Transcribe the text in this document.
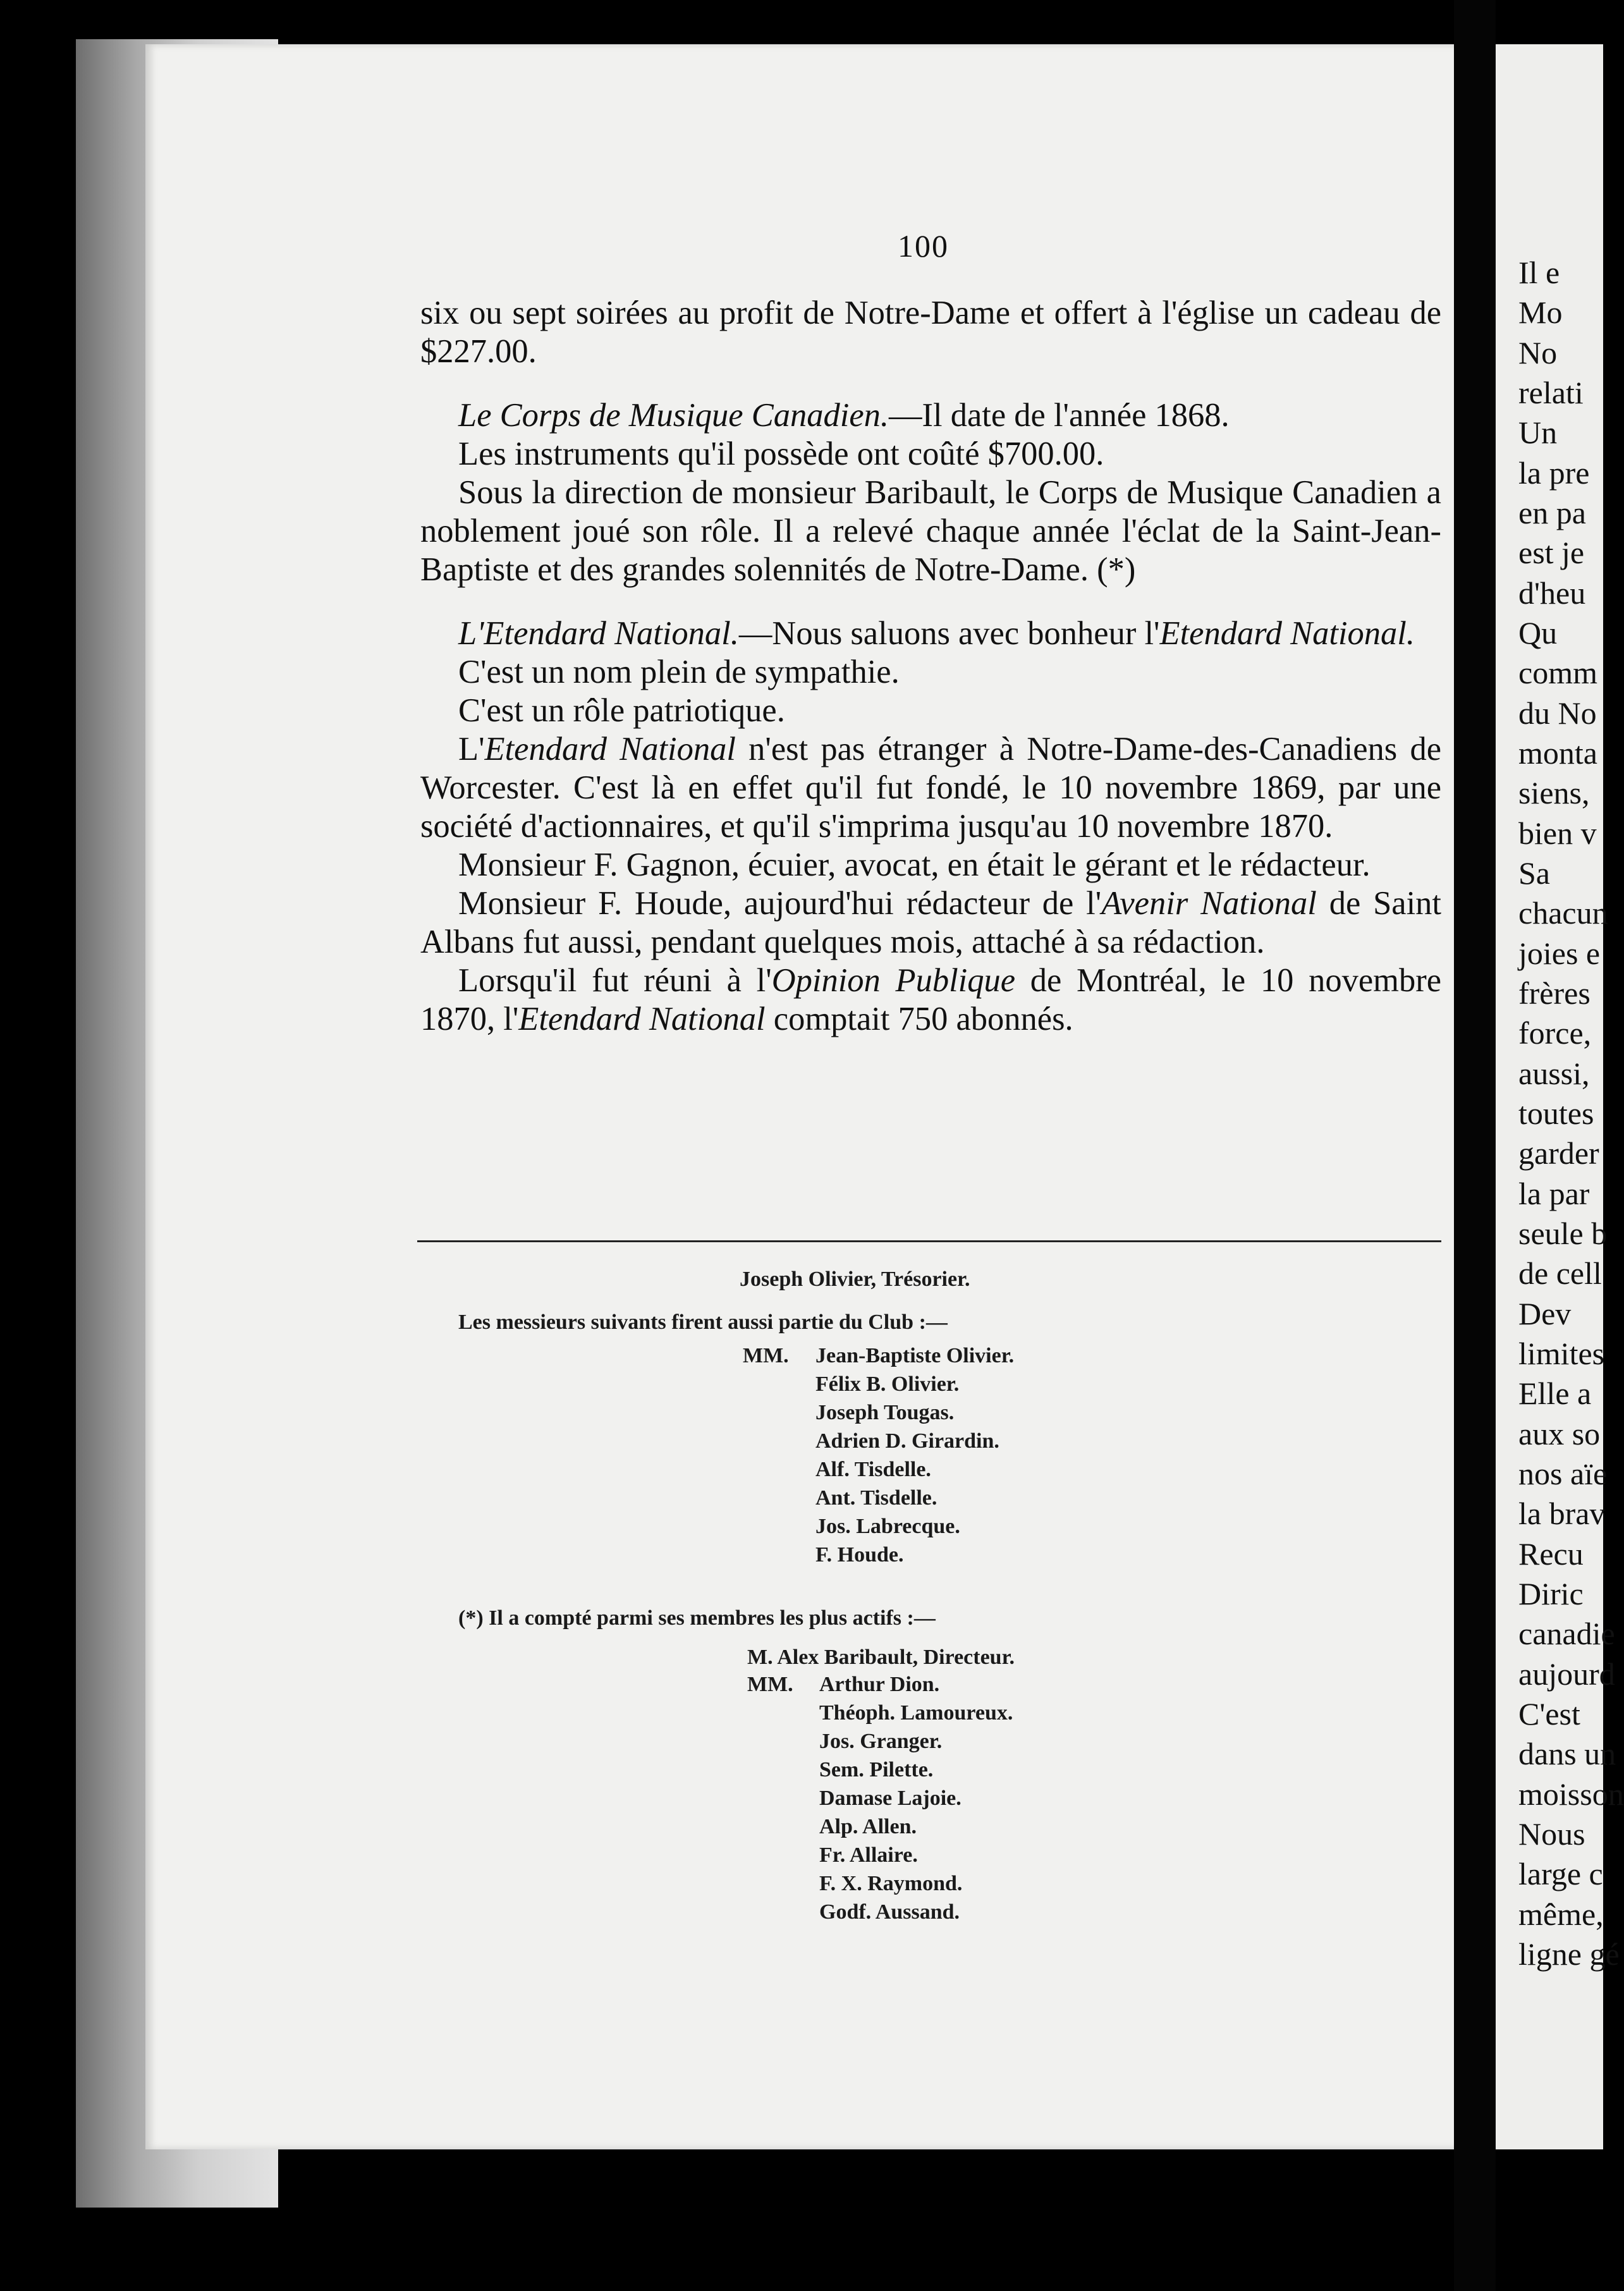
100

six ou sept soirées au profit de Notre-Dame et offert à l'église un cadeau de $227.00.

Le Corps de Musique Canadien.—Il date de l'année 1868.

Les instruments qu'il possède ont coûté $700.00.

Sous la direction de monsieur Baribault, le Corps de Musique Canadien a noblement joué son rôle. Il a relevé chaque année l'éclat de la Saint-Jean-Baptiste et des grandes solennités de Notre-Dame. (*)

L'Etendard National.—Nous saluons avec bonheur l'Etendard National.

C'est un nom plein de sympathie.

C'est un rôle patriotique.

L'Etendard National n'est pas étranger à Notre-Dame-des-Canadiens de Worcester. C'est là en effet qu'il fut fondé, le 10 novembre 1869, par une société d'actionnaires, et qu'il s'imprima jusqu'au 10 novembre 1870.

Monsieur F. Gagnon, écuier, avocat, en était le gérant et le rédacteur.

Monsieur F. Houde, aujourd'hui rédacteur de l'Avenir National de Saint Albans fut aussi, pendant quelques mois, attaché à sa rédaction.

Lorsqu'il fut réuni à l'Opinion Publique de Montréal, le 10 novembre 1870, l'Etendard National comptait 750 abonnés.

Joseph Olivier, Trésorier.
Les messieurs suivants firent aussi partie du Club :—
MM. Jean-Baptiste Olivier.
Félix B. Olivier.
Joseph Tougas.
Adrien D. Girardin.
Alf. Tisdelle.
Ant. Tisdelle.
Jos. Labrecque.
F. Houde.
(*) Il a compté parmi ses membres les plus actifs :—
M. Alex Baribault, Directeur.
MM. Arthur Dion.
Théoph. Lamoureux.
Jos. Granger.
Sem. Pilette.
Damase Lajoie.
Alp. Allen.
Fr. Allaire.
F. X. Raymond.
Godf. Aussand.
Il e
Mo
No
relati
Un
la pre
en pa
est je
d'heu
Qu
comm
du No
monta
siens,
bien v
Sa
chacun
joies e
frères
force,
aussi,
toutes
garder
la par
seule b
de cell
Dev
limites
Elle a
aux so
nos aïe
la brav
Recu
Diric
canadie
aujourd
C'est
dans un
moisson
Nous
large c
même,
ligne gé
